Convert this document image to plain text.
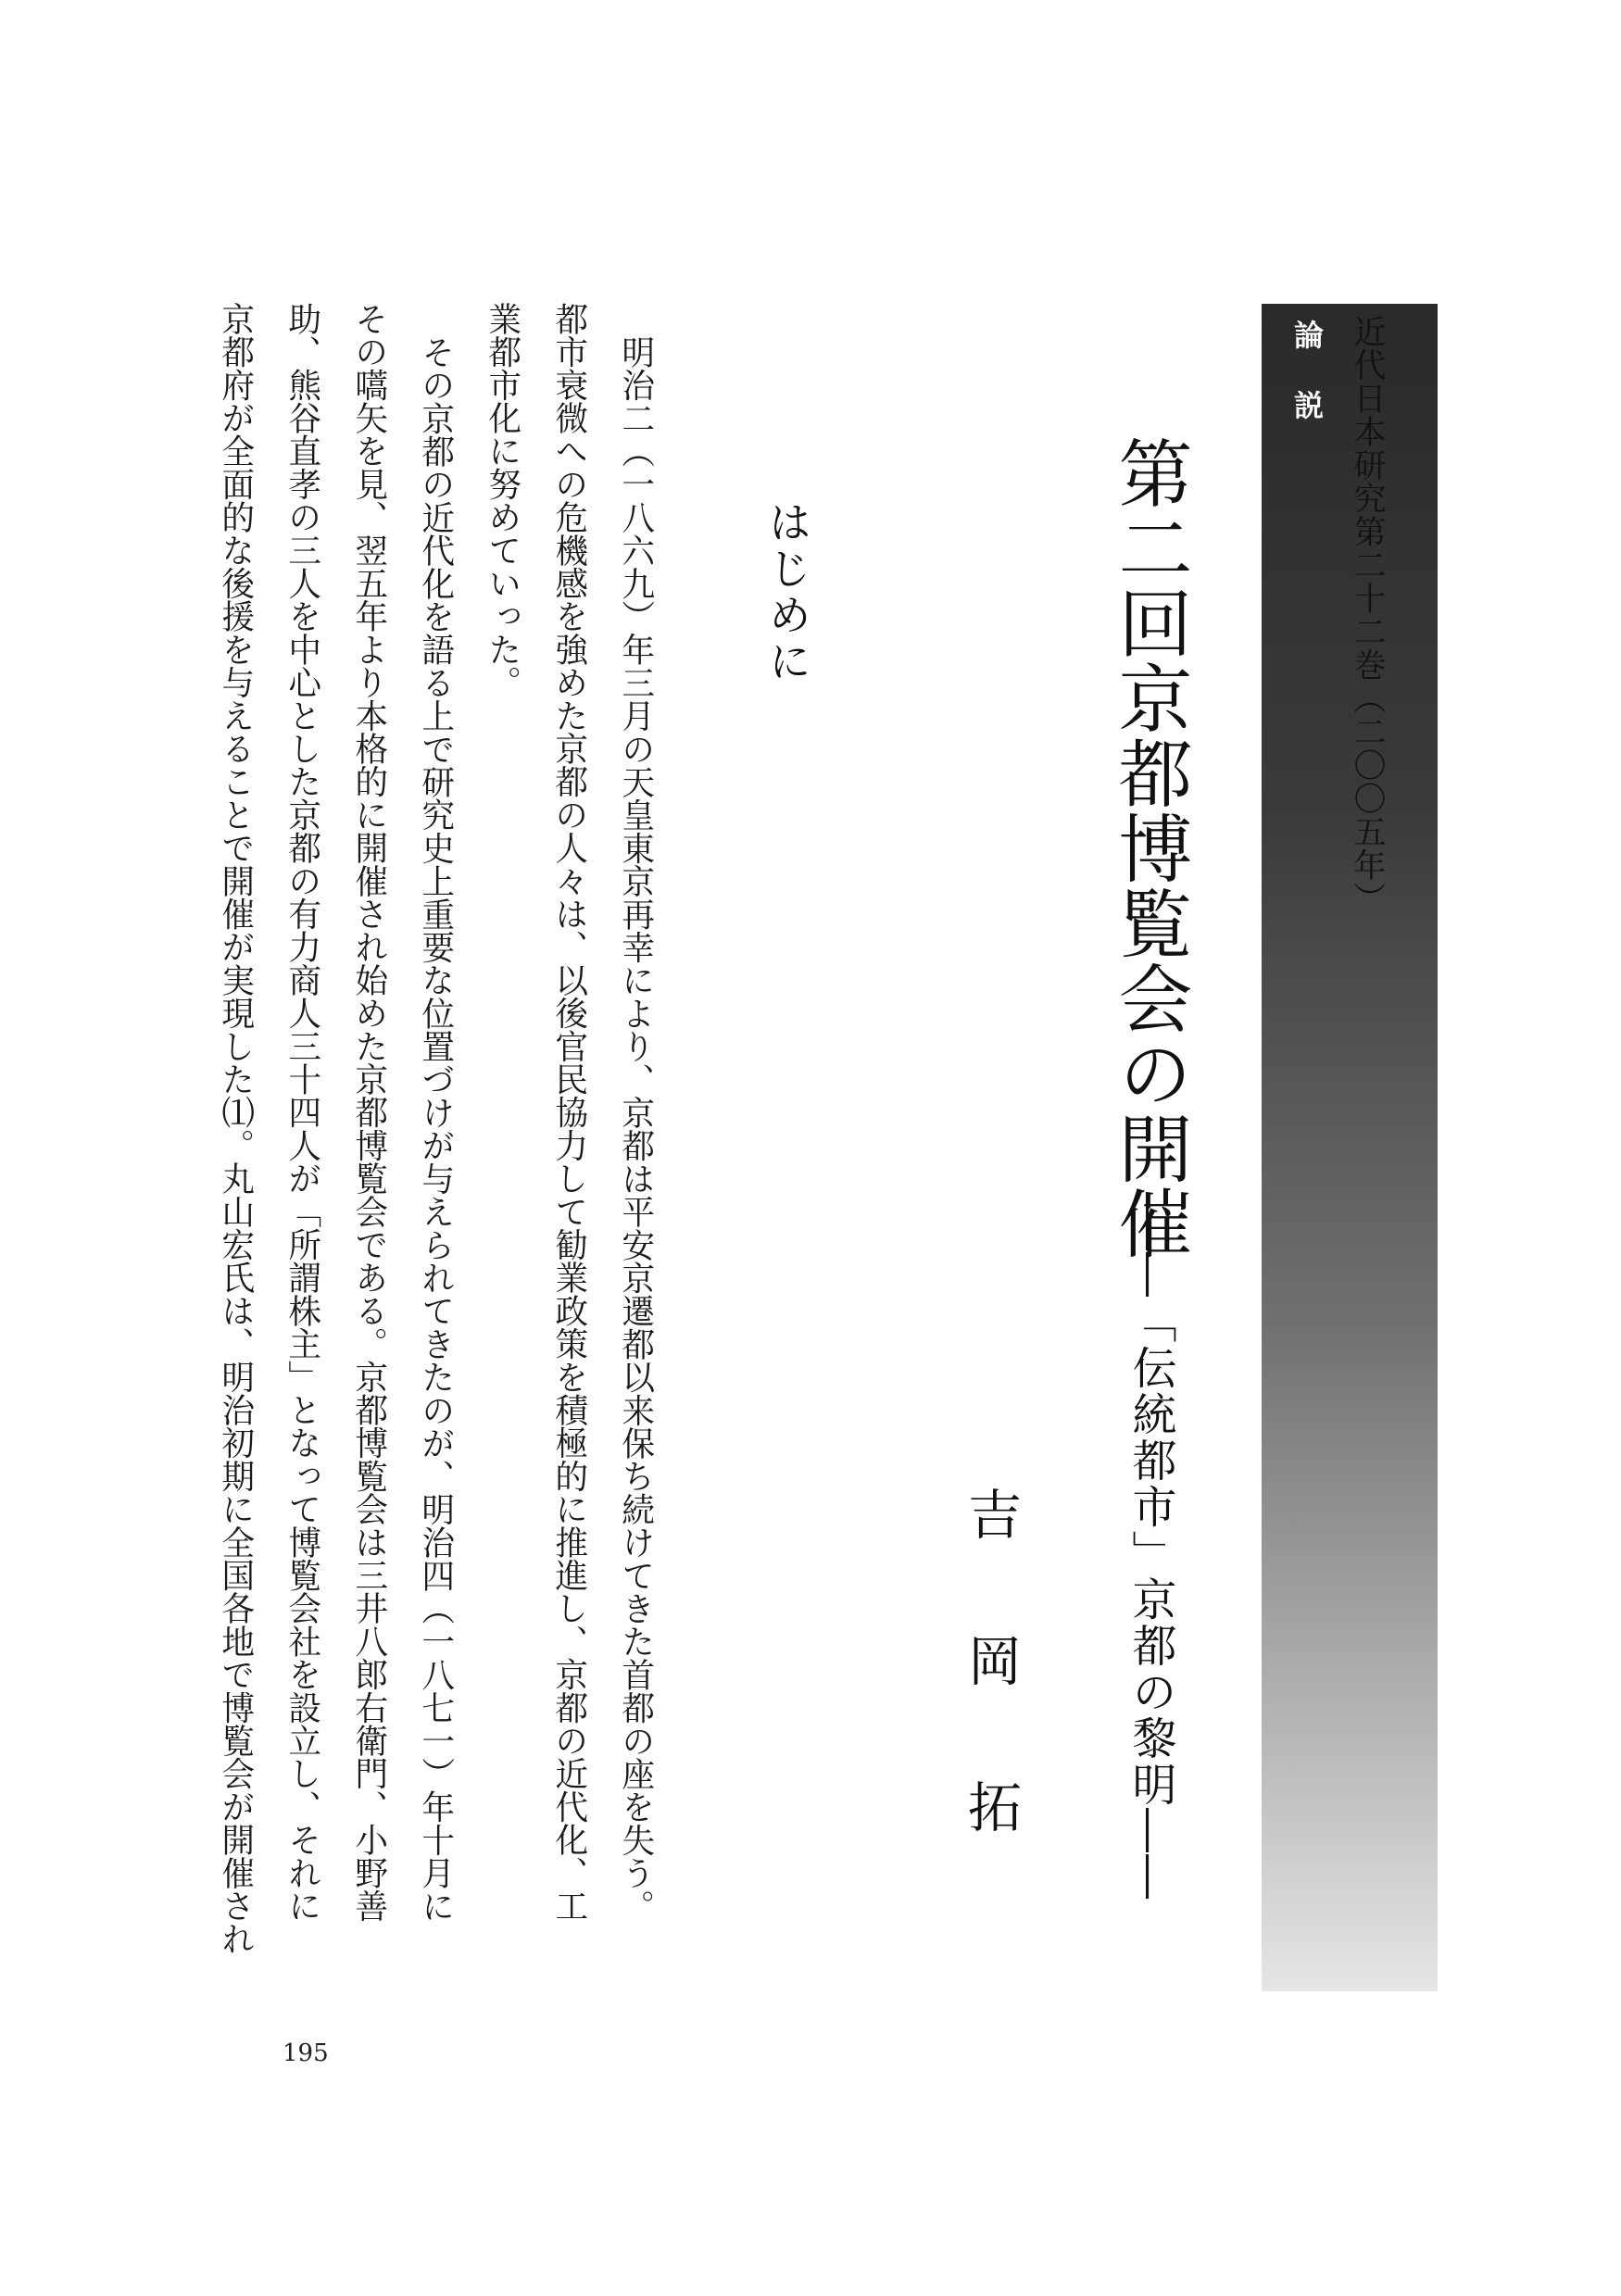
近代日本研究第二十二巻（二〇〇五年）
論説
第二回京都博覧会の開催
――「伝統都市」京都の黎明――
吉岡拓
はじめに
明治二（一八六九）年三月の天皇東京再幸により、京都は平安京遷都以来保ち続けてきた首都の座を失う。
都市衰微への危機感を強めた京都の人々は、以後官民協力して勧業政策を積極的に推進し、京都の近代化、工
業都市化に努めていった。
その京都の近代化を語る上で研究史上重要な位置づけが与えられてきたのが、明治四（一八七一）年十月に
その嚆矢を見、翌五年より本格的に開催され始めた京都博覧会である。京都博覧会は三井八郎右衛門、小野善
助、熊谷直孝の三人を中心とした京都の有力商人三十四人が「所謂株主」となって博覧会社を設立し、それに
京都府が全面的な後援を与えることで開催が実現した⑴。丸山宏氏は、明治初期に全国各地で博覧会が開催され
195
